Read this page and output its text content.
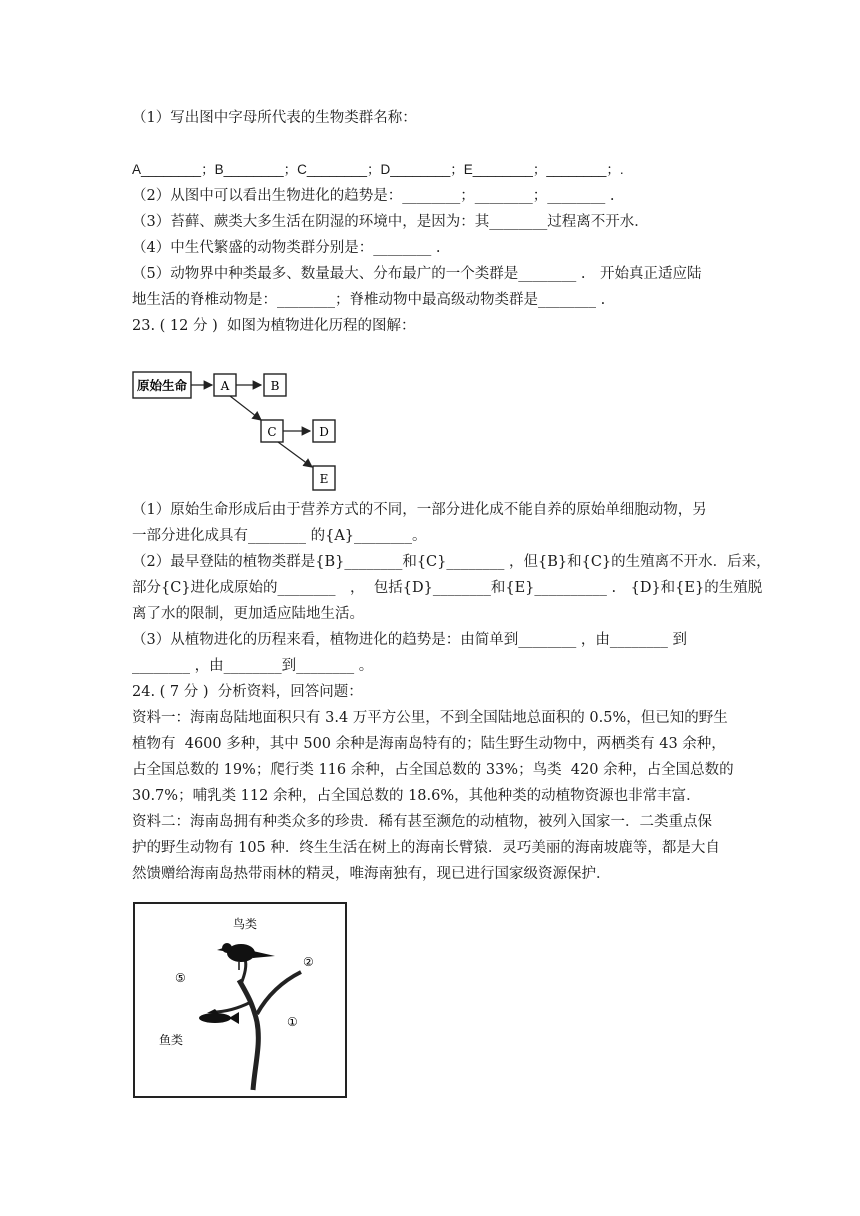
（1）写出图中字母所代表的生物类群名称：
A________；B________；C________；D________；E________；________；.
（2）从图中可以看出生物进化的趋势是：________；________；________ .
（3）苔藓、蕨类大多生活在阴湿的环境中，是因为：其________过程离不开水．
（4）中生代繁盛的动物类群分别是：________ .
（5）动物界中种类最多、数量最大、分布最广的一个类群是________ .　开始真正适应陆
地生活的脊椎动物是：________；脊椎动物中最高级动物类群是________ .
23. ( 12 分 )  如图为植物进化历程的图解：
原始生命	A	B
C	D
E
（1）原始生命形成后由于营养方式的不同，一部分进化成不能自养的原始单细胞动物，另
一部分进化成具有________ 的{A}________。
（2）最早登陆的植物类群是{B}________和{C}________ ，但{B}和{C}的生殖离不开水．后来，
部分{C}进化成原始的________　，  包括{D}________和{E}__________ .　{D}和{E}的生殖脱
离了水的限制，更加适应陆地生活。
（3）从植物进化的历程来看，植物进化的趋势是：由简单到________ ，由________ 到
________ ，由________到________ 。
24. ( 7 分 )  分析资料，回答问题：
资料一：海南岛陆地面积只有 3.4 万平方公里，不到全国陆地总面积的 0.5%，但已知的野生
植物有  4600 多种，其中 500 余种是海南岛特有的；陆生野生动物中，两栖类有 43 余种，
占全国总数的 19%；爬行类 116 余种，占全国总数的 33%；鸟类  420 余种，占全国总数的
30.7%；哺乳类 112 余种，占全国总数的 18.6%，其他种类的动植物资源也非常丰富．
资料二：海南岛拥有种类众多的珍贵．稀有甚至濒危的动植物，被列入国家一．二类重点保
护的野生动物有 105 种．终生生活在树上的海南长臂猿．灵巧美丽的海南坡鹿等，都是大自
然馈赠给海南岛热带雨林的精灵，唯海南独有，现已进行国家级资源保护．
鸟类
鱼类
②
①
⑤
